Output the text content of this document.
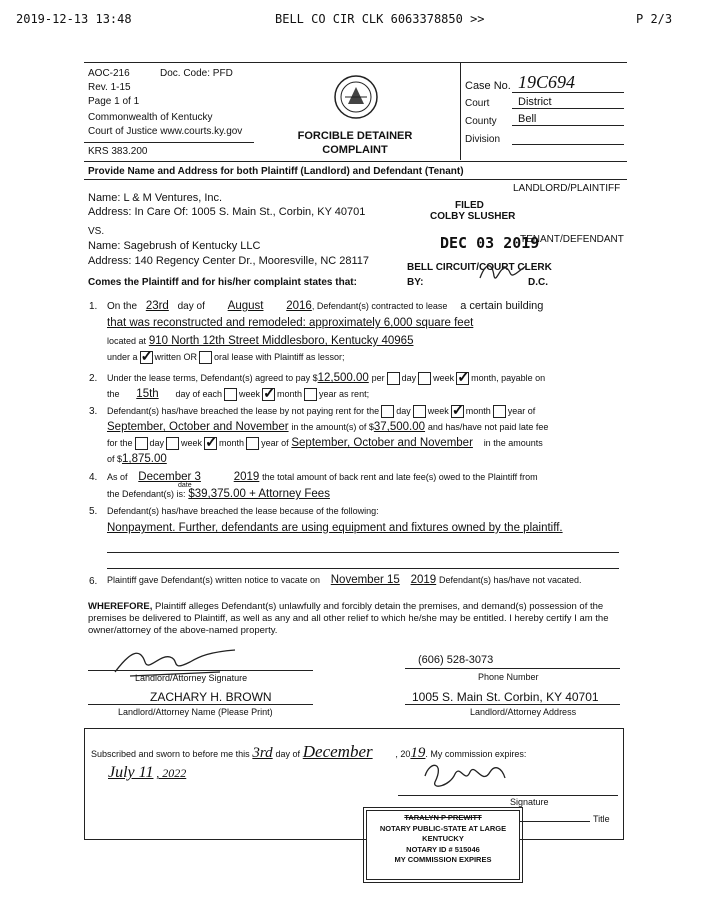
2019-12-13 13:48	BELL CO CIR CLK 6063378850 >>	P 2/3
AOC-216	Doc. Code: PFD
Rev. 1-15
Page 1 of 1
Commonwealth of Kentucky
Court of Justice www.courts.ky.gov
KRS 383.200
FORCIBLE DETAINER
COMPLAINT
Case No. 19C694
Court	District
County Bell
Division
Provide Name and Address for both Plaintiff (Landlord) and Defendant (Tenant)
LANDLORD/PLAINTIFF
Name: L & M Ventures, Inc.
Address: In Care Of: 1005 S. Main St., Corbin, KY 40701
VS.
TENANT/DEFENDANT
Name: Sagebrush of Kentucky LLC
Address: 140 Regency Center Dr., Mooresville, NC 28117
Comes the Plaintiff and for his/her complaint states that:
FILED
COLBY SLUSHER
DEC 03 2019
BELL CIRCUIT/COURT CLERK
BY:	D.C.
1. On the 23rd day of August 2016, Defendant(s) contracted to lease a certain building
that was reconstructed and remodeled: approximately 6,000 square feet
located at 910 North 12th Street Middlesboro, Kentucky 40965
under a ✓ written OR oral lease with Plaintiff as lessor;
2. Under the lease terms, Defendant(s) agreed to pay $12,500.00 per day week ✓ month, payable on
the 15th day of each week ✓ month year as rent;
3. Defendant(s) has/have breached the lease by not paying rent for the day week ✓ month year of
September, October and November in the amount(s) of $37,500.00 and has/have not paid late fee
for the day week ✓ month year of September, October and November in the amounts
of $1,875.00
4. As of December 3	2019 the total amount of back rent and late fee(s) owed to the Plaintiff from
date
the Defendant(s) is: $39,375.00 + Attorney Fees
5. Defendant(s) has/have breached the lease because of the following:
Nonpayment. Further, defendants are using equipment and fixtures owned by the plaintiff.
6. Plaintiff gave Defendant(s) written notice to vacate on November 15 2019 Defendant(s) has/have not vacated.
WHEREFORE, Plaintiff alleges Defendant(s) unlawfully and forcibly detain the premises, and demand(s) possession of the premises be delivered to Plaintiff, as well as any and all other relief to which he/she may be entitled. I hereby certify I am the owner/attorney of the above-named property.
Landlord/Attorney Signature
(606) 528-3073
Phone Number
ZACHARY H. BROWN
Landlord/Attorney Name (Please Print)
1005 S. Main St. Corbin, KY 40701
Landlord/Attorney Address
Subscribed and sworn to before me this 3rd day of December	, 2019. My commission expires:
July 11 , 2022
Signature
Title
TARALYN P PREWITT
NOTARY PUBLIC-STATE AT LARGE
KENTUCKY
NOTARY ID # 515046
MY COMMISSION EXPIRES
